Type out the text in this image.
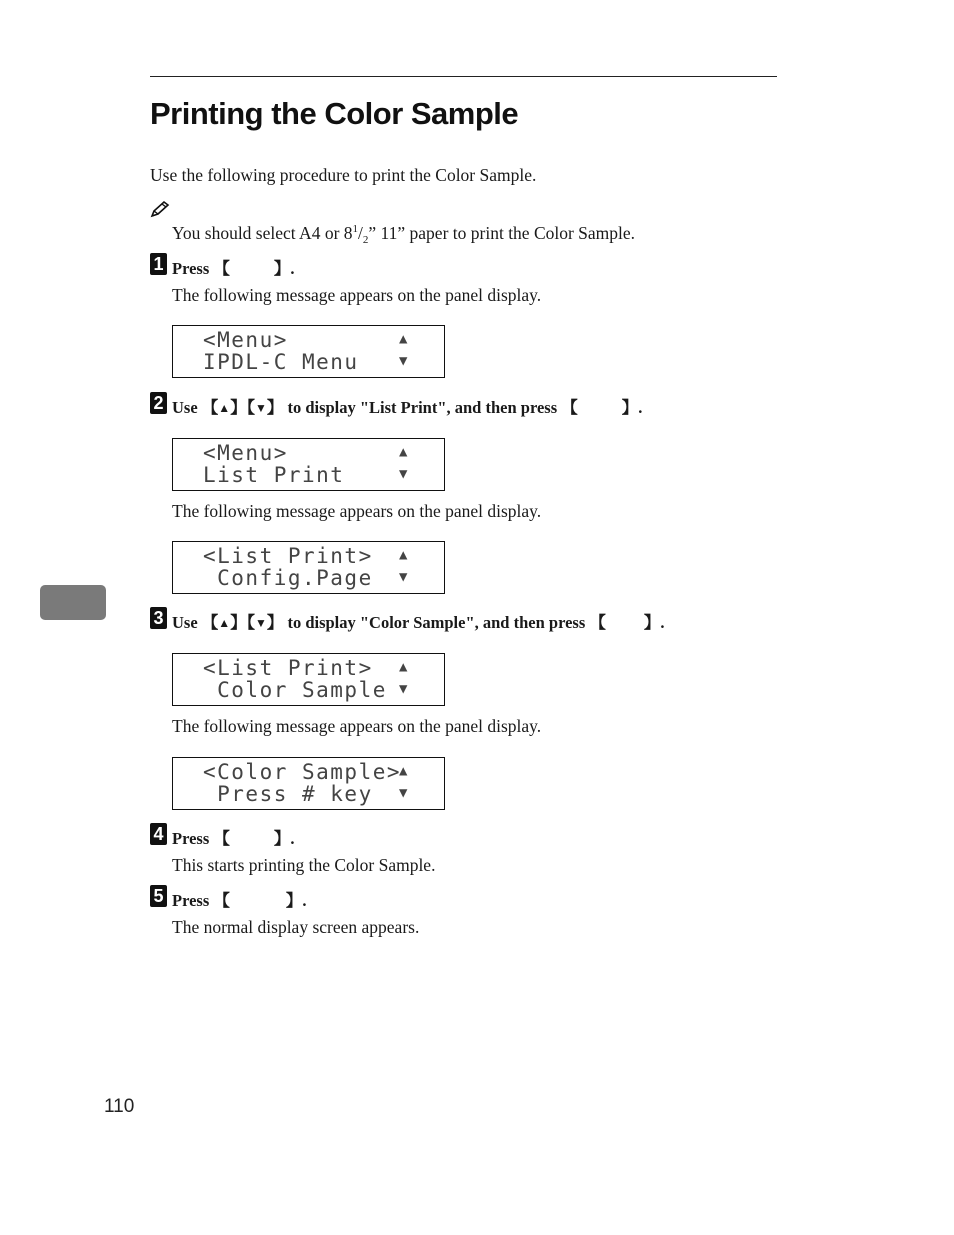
Printing the Color Sample
Use the following procedure to print the Color Sample.
You should select A4 or $8^1/_2$” 11” paper to print the Color Sample.
1 Press 【	】.
The following message appears on the panel display.
<Menu>
IPDL-C Menu
▲
▼
2 Use 【▲】【▼】 to display "List Print", and then press 【	】.
<Menu>
List Print
▲
▼
The following message appears on the panel display.
<List Print>
Config.Page
▲
▼
3 Use 【▲】【▼】 to display "Color Sample", and then press 【 】.
<List Print>
Color Sample
▲
▼
The following message appears on the panel display.
<Color Sample>
Press # key
▲
▼
4 Press 【	】.
This starts printing the Color Sample.
5 Press 【	】.
The normal display screen appears.
110
